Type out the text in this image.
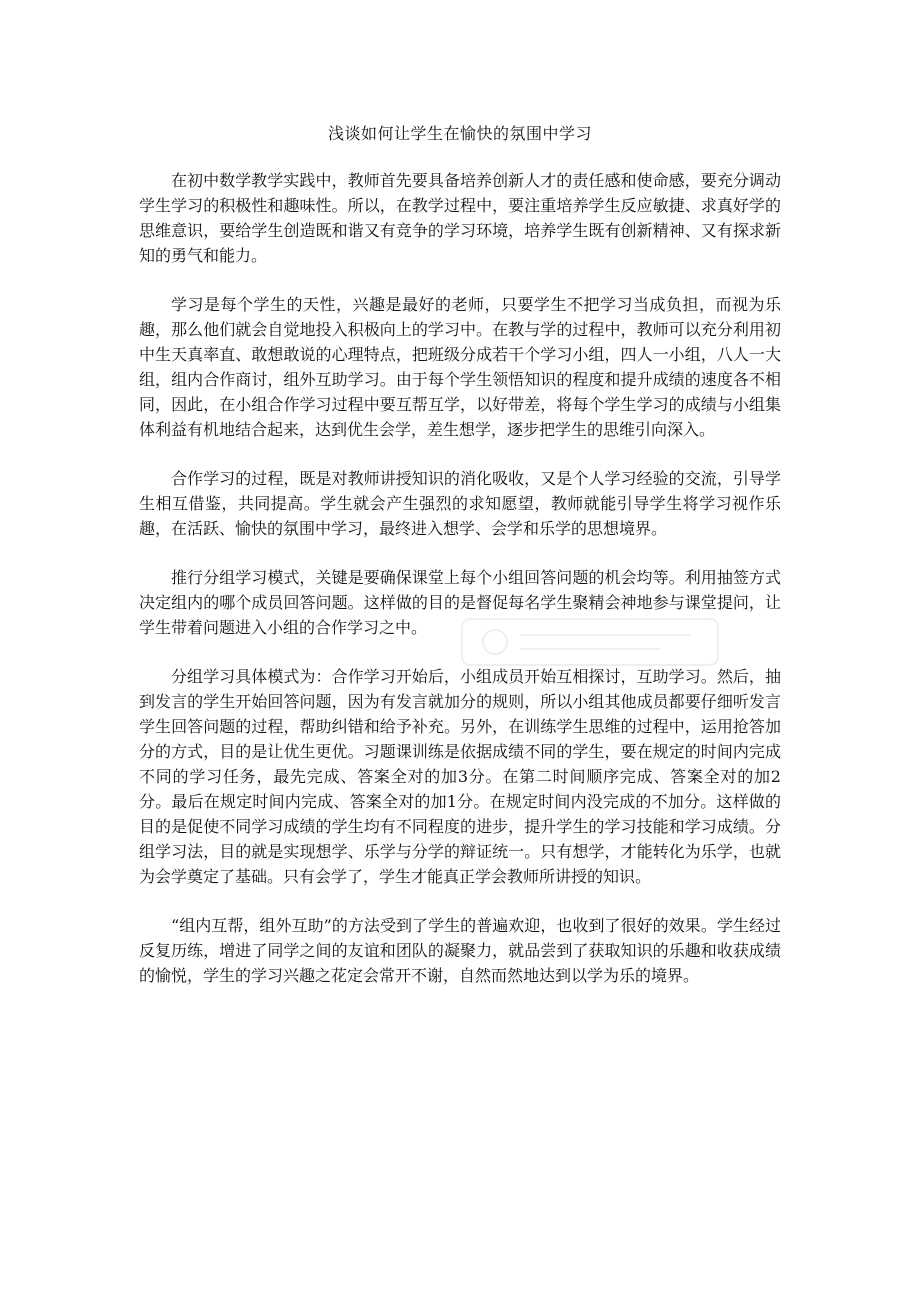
浅谈如何让学生在愉快的氛围中学习

在初中数学教学实践中，教师首先要具备培养创新人才的责任感和使命感，要充分调动学生学习的积极性和趣味性。所以，在教学过程中，要注重培养学生反应敏捷、求真好学的思维意识，要给学生创造既和谐又有竞争的学习环境，培养学生既有创新精神、又有探求新知的勇气和能力。

学习是每个学生的天性，兴趣是最好的老师，只要学生不把学习当成负担，而视为乐趣，那么他们就会自觉地投入积极向上的学习中。在教与学的过程中，教师可以充分利用初中生天真率直、敢想敢说的心理特点，把班级分成若干个学习小组，四人一小组，八人一大组，组内合作商讨，组外互助学习。由于每个学生领悟知识的程度和提升成绩的速度各不相同，因此，在小组合作学习过程中要互帮互学，以好带差，将每个学生学习的成绩与小组集体利益有机地结合起来，达到优生会学，差生想学，逐步把学生的思维引向深入。

合作学习的过程，既是对教师讲授知识的消化吸收，又是个人学习经验的交流，引导学生相互借鉴，共同提高。学生就会产生强烈的求知愿望，教师就能引导学生将学习视作乐趣，在活跃、愉快的氛围中学习，最终进入想学、会学和乐学的思想境界。

推行分组学习模式，关键是要确保课堂上每个小组回答问题的机会均等。利用抽签方式决定组内的哪个成员回答问题。这样做的目的是督促每名学生聚精会神地参与课堂提问，让学生带着问题进入小组的合作学习之中。

分组学习具体模式为：合作学习开始后，小组成员开始互相探讨，互助学习。然后，抽到发言的学生开始回答问题，因为有发言就加分的规则，所以小组其他成员都要仔细听发言学生回答问题的过程，帮助纠错和给予补充。另外，在训练学生思维的过程中，运用抢答加分的方式，目的是让优生更优。习题课训练是依据成绩不同的学生，要在规定的时间内完成不同的学习任务，最先完成、答案全对的加3分。在第二时间顺序完成、答案全对的加2分。最后在规定时间内完成、答案全对的加1分。在规定时间内没完成的不加分。这样做的目的是促使不同学习成绩的学生均有不同程度的进步，提升学生的学习技能和学习成绩。分组学习法，目的就是实现想学、乐学与分学的辩证统一。只有想学，才能转化为乐学，也就为会学奠定了基础。只有会学了，学生才能真正学会教师所讲授的知识。

“组内互帮，组外互助”的方法受到了学生的普遍欢迎，也收到了很好的效果。学生经过反复历练，增进了同学之间的友谊和团队的凝聚力，就品尝到了获取知识的乐趣和收获成绩的愉悦，学生的学习兴趣之花定会常开不谢，自然而然地达到以学为乐的境界。
